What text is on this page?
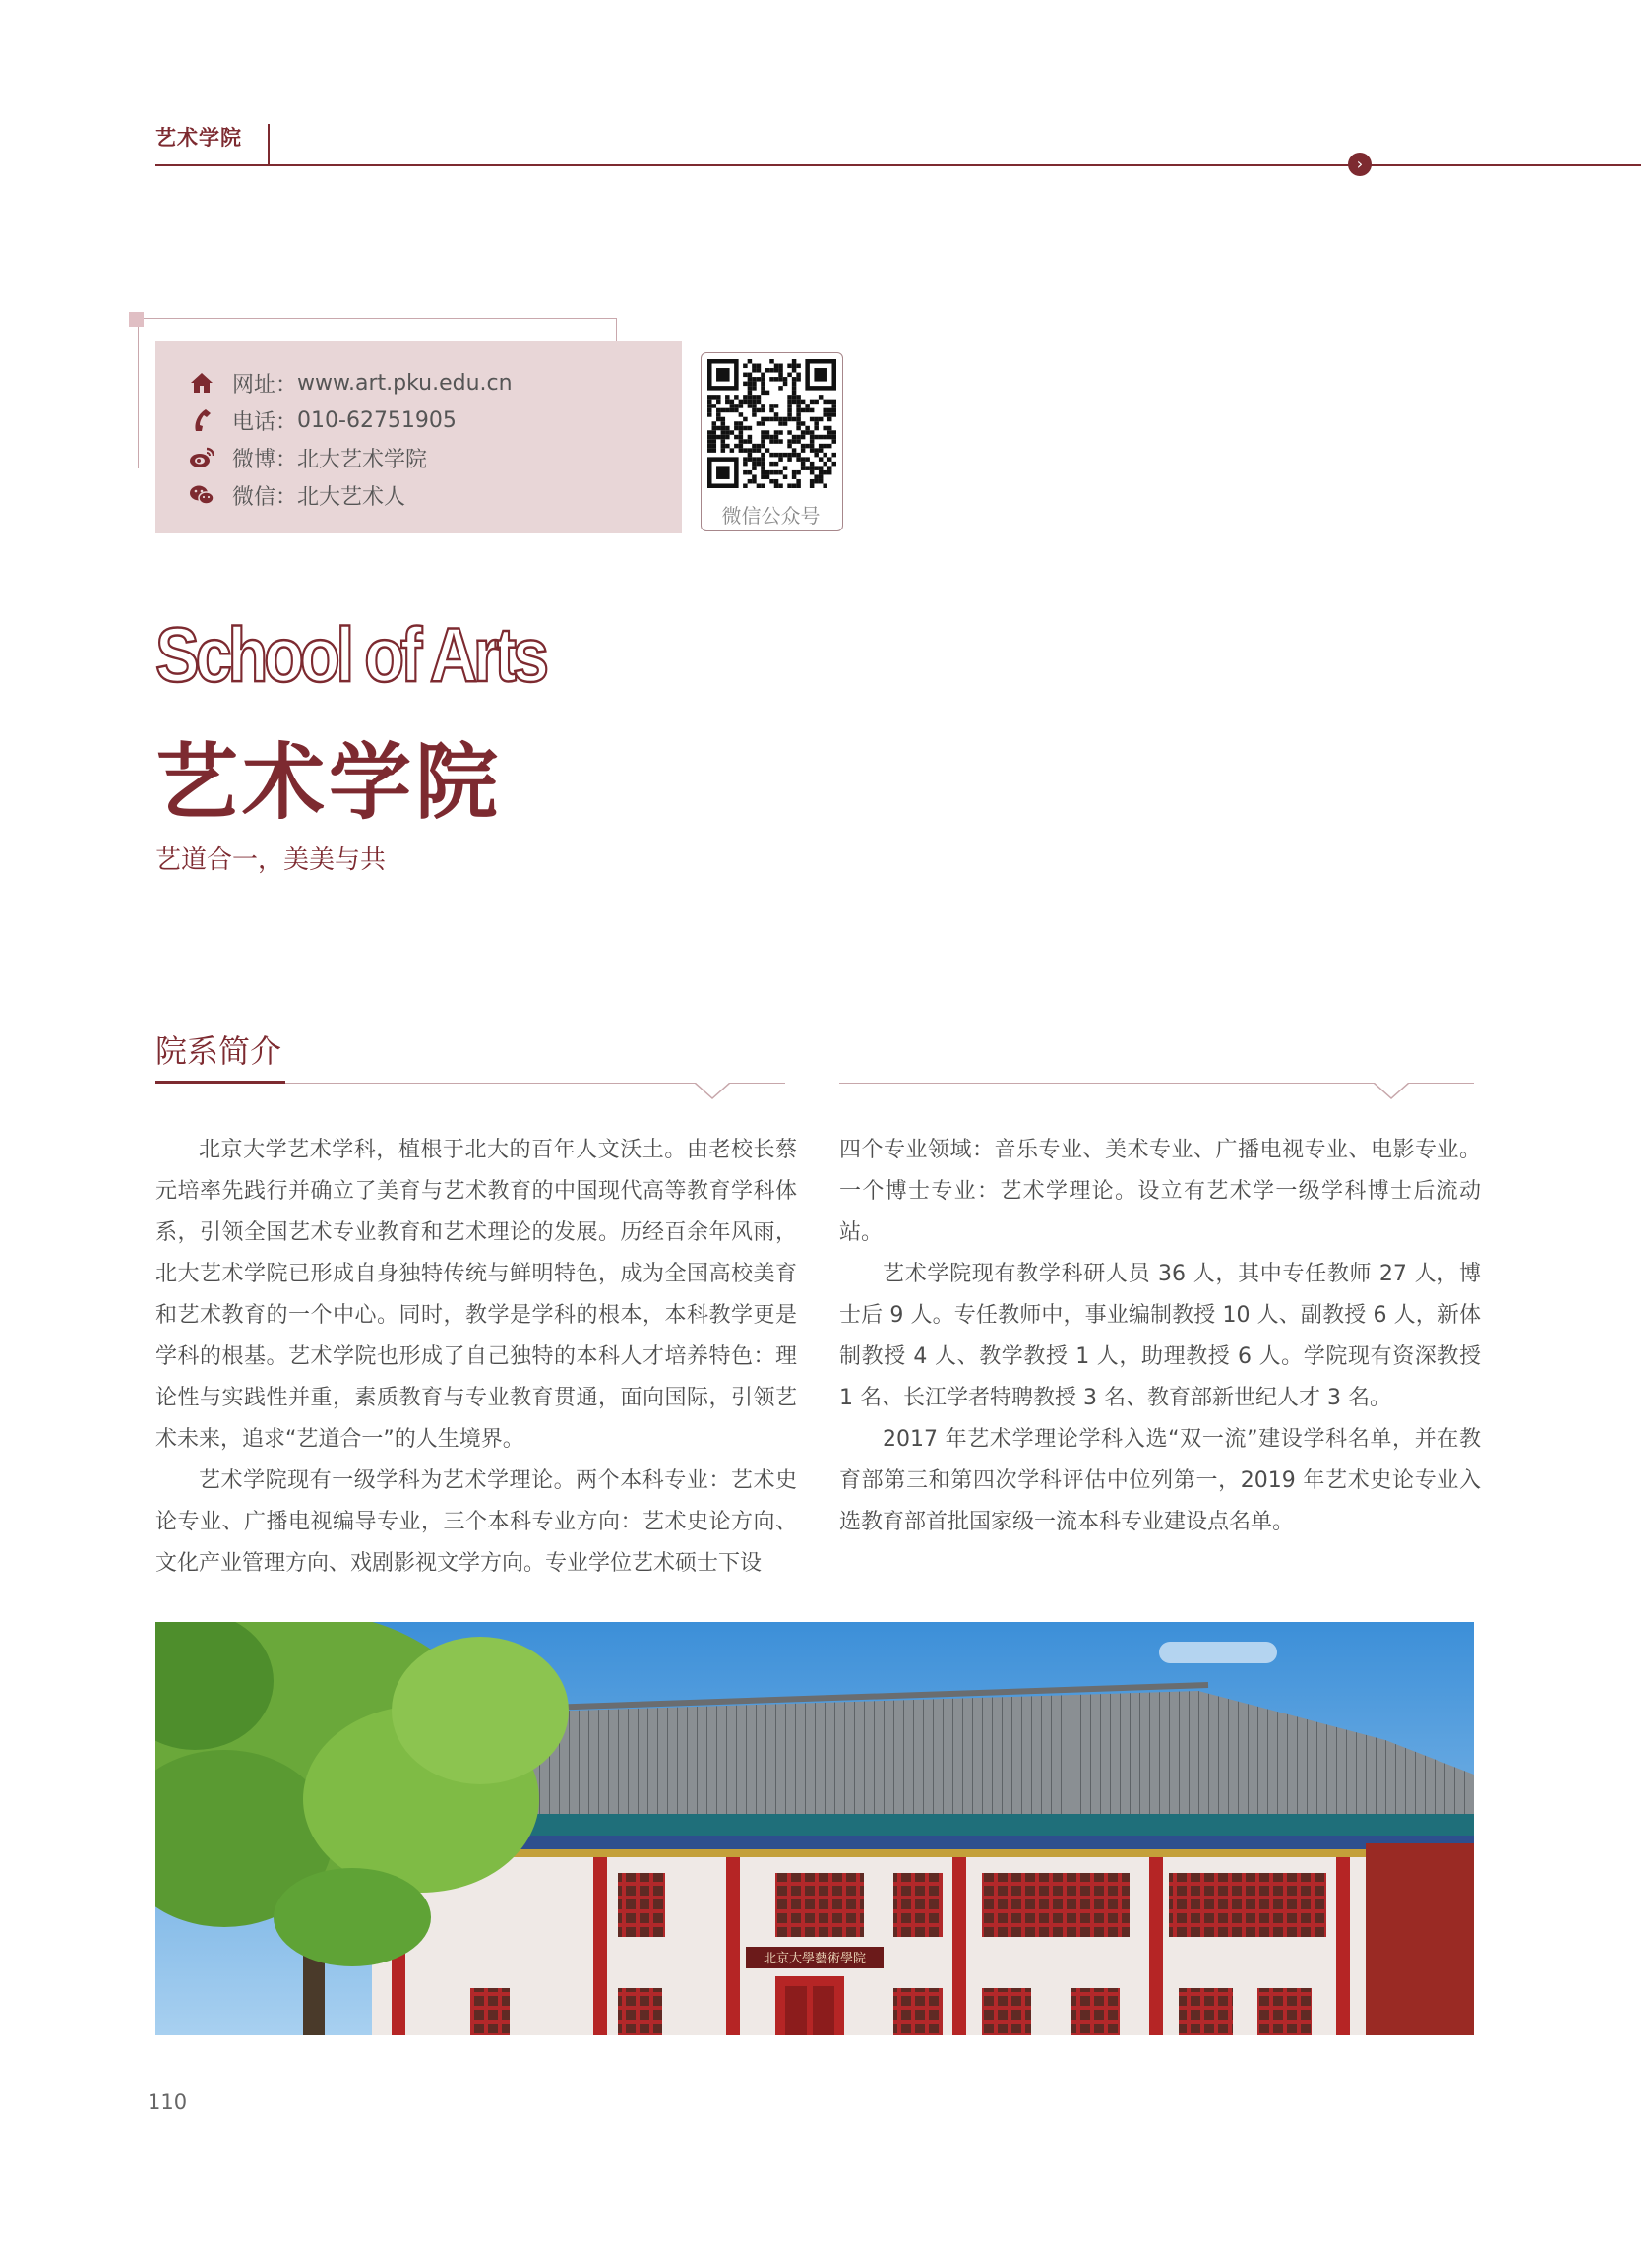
艺术学院
›
网址： www.art.pku.edu.cn
电话： 010-62751905
微博： 北大艺术学院
微信： 北大艺术人
微信公众号
School of Arts
艺术学院
艺道合一，美美与共
院系简介

北京大学艺术学科，植根于北大的百年人文沃土。由老校长蔡元培率先践行并确立了美育与艺术教育的中国现代高等教育学科体系，引领全国艺术专业教育和艺术理论的发展。历经百余年风雨，北大艺术学院已形成自身独特传统与鲜明特色，成为全国高校美育和艺术教育的一个中心。同时，教学是学科的根本，本科教学更是学科的根基。艺术学院也形成了自己独特的本科人才培养特色：理论性与实践性并重，素质教育与专业教育贯通，面向国际，引领艺术未来，追求“艺道合一”的人生境界。

艺术学院现有一级学科为艺术学理论。两个本科专业：艺术史论专业、广播电视编导专业，三个本科专业方向：艺术史论方向、文化产业管理方向、戏剧影视文学方向。专业学位艺术硕士下设

四个专业领域：音乐专业、美术专业、广播电视专业、电影专业。一个博士专业：艺术学理论。设立有艺术学一级学科博士后流动站。

艺术学院现有教学科研人员 36 人，其中专任教师 27 人，博士后 9 人。专任教师中，事业编制教授 10 人、副教授 6 人，新体制教授 4 人、教学教授 1 人，助理教授 6 人。学院现有资深教授 1 名、长江学者特聘教授 3 名、教育部新世纪人才 3 名。

2017 年艺术学理论学科入选“双一流”建设学科名单，并在教育部第三和第四次学科评估中位列第一，2019 年艺术史论专业入选教育部首批国家级一流本科专业建设点名单。

北京大學藝術學院
110
